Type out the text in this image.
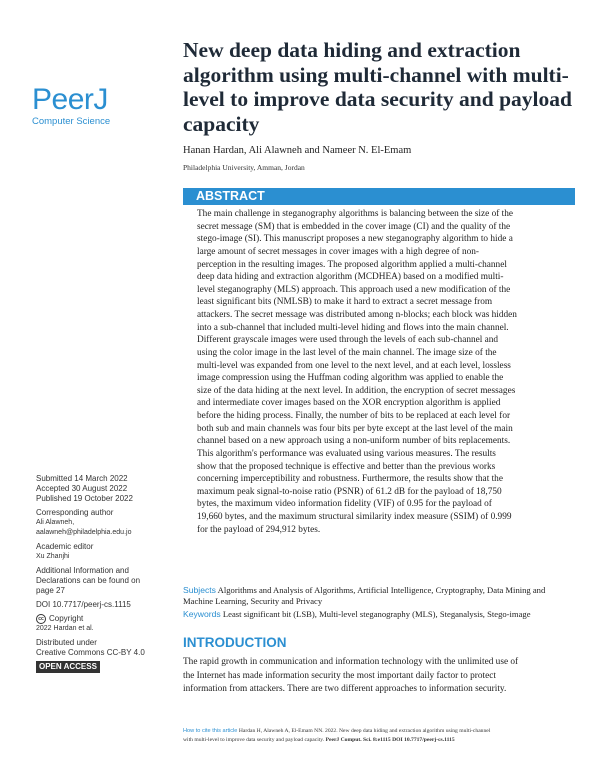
PeerJ
Computer Science
New deep data hiding and extraction algorithm using multi-channel with multi-level to improve data security and payload capacity
Hanan Hardan, Ali Alawneh and Nameer N. El-Emam
Philadelphia University, Amman, Jordan
ABSTRACT

The main challenge in steganography algorithms is balancing between the size of the
secret message (SM) that is embedded in the cover image (CI) and the quality of the
stego-image (SI). This manuscript proposes a new steganography algorithm to hide a
large amount of secret messages in cover images with a high degree of non-
perception in the resulting images. The proposed algorithm applied a multi-channel
deep data hiding and extraction algorithm (MCDHEA) based on a modified multi-
level steganography (MLS) approach. This approach used a new modification of the
least significant bits (NMLSB) to make it hard to extract a secret message from
attackers. The secret message was distributed among n-blocks; each block was hidden
into a sub-channel that included multi-level hiding and flows into the main channel.
Different grayscale images were used through the levels of each sub-channel and
using the color image in the last level of the main channel. The image size of the
multi-level was expanded from one level to the next level, and at each level, lossless
image compression using the Huffman coding algorithm was applied to enable the
size of the data hiding at the next level. In addition, the encryption of secret messages
and intermediate cover images based on the XOR encryption algorithm is applied
before the hiding process. Finally, the number of bits to be replaced at each level for
both sub and main channels was four bits per byte except at the last level of the main
channel based on a new approach using a non-uniform number of bits replacements.
This algorithm's performance was evaluated using various measures. The results
show that the proposed technique is effective and better than the previous works
concerning imperceptibility and robustness. Furthermore, the results show that the
maximum peak signal-to-noise ratio (PSNR) of 61.2 dB for the payload of 18,750
bytes, the maximum video information fidelity (VIF) of 0.95 for the payload of
19,660 bytes, and the maximum structural similarity index measure (SSIM) of 0.999
for the payload of 294,912 bytes.

Submitted 14 March 2022
Accepted 30 August 2022
Published 19 October 2022
Corresponding author
Ali Alawneh,
aalawneh@philadelphia.edu.jo
Academic editor
Xu Zhanjhi
Additional Information and
Declarations can be found on
page 27
DOI 10.7717/peerj-cs.1115
cc Copyright
2022 Hardan et al.
Distributed under
Creative Commons CC-BY 4.0
OPEN ACCESS
Subjects Algorithms and Analysis of Algorithms, Artificial Intelligence, Cryptography, Data Mining and Machine Learning, Security and Privacy
Keywords Least significant bit (LSB), Multi-level steganography (MLS), Steganalysis, Stego-image
INTRODUCTION

The rapid growth in communication and information technology with the unlimited use of
the Internet has made information security the most important daily factor to protect
information from attackers. There are two different approaches to information security.

How to cite this article Hardan H, Alawneh A, El-Emam NN. 2022. New deep data hiding and extraction algorithm using multi-channel
with multi-level to improve data security and payload capacity. PeerJ Comput. Sci. 8:e1115 DOI 10.7717/peerj-cs.1115
